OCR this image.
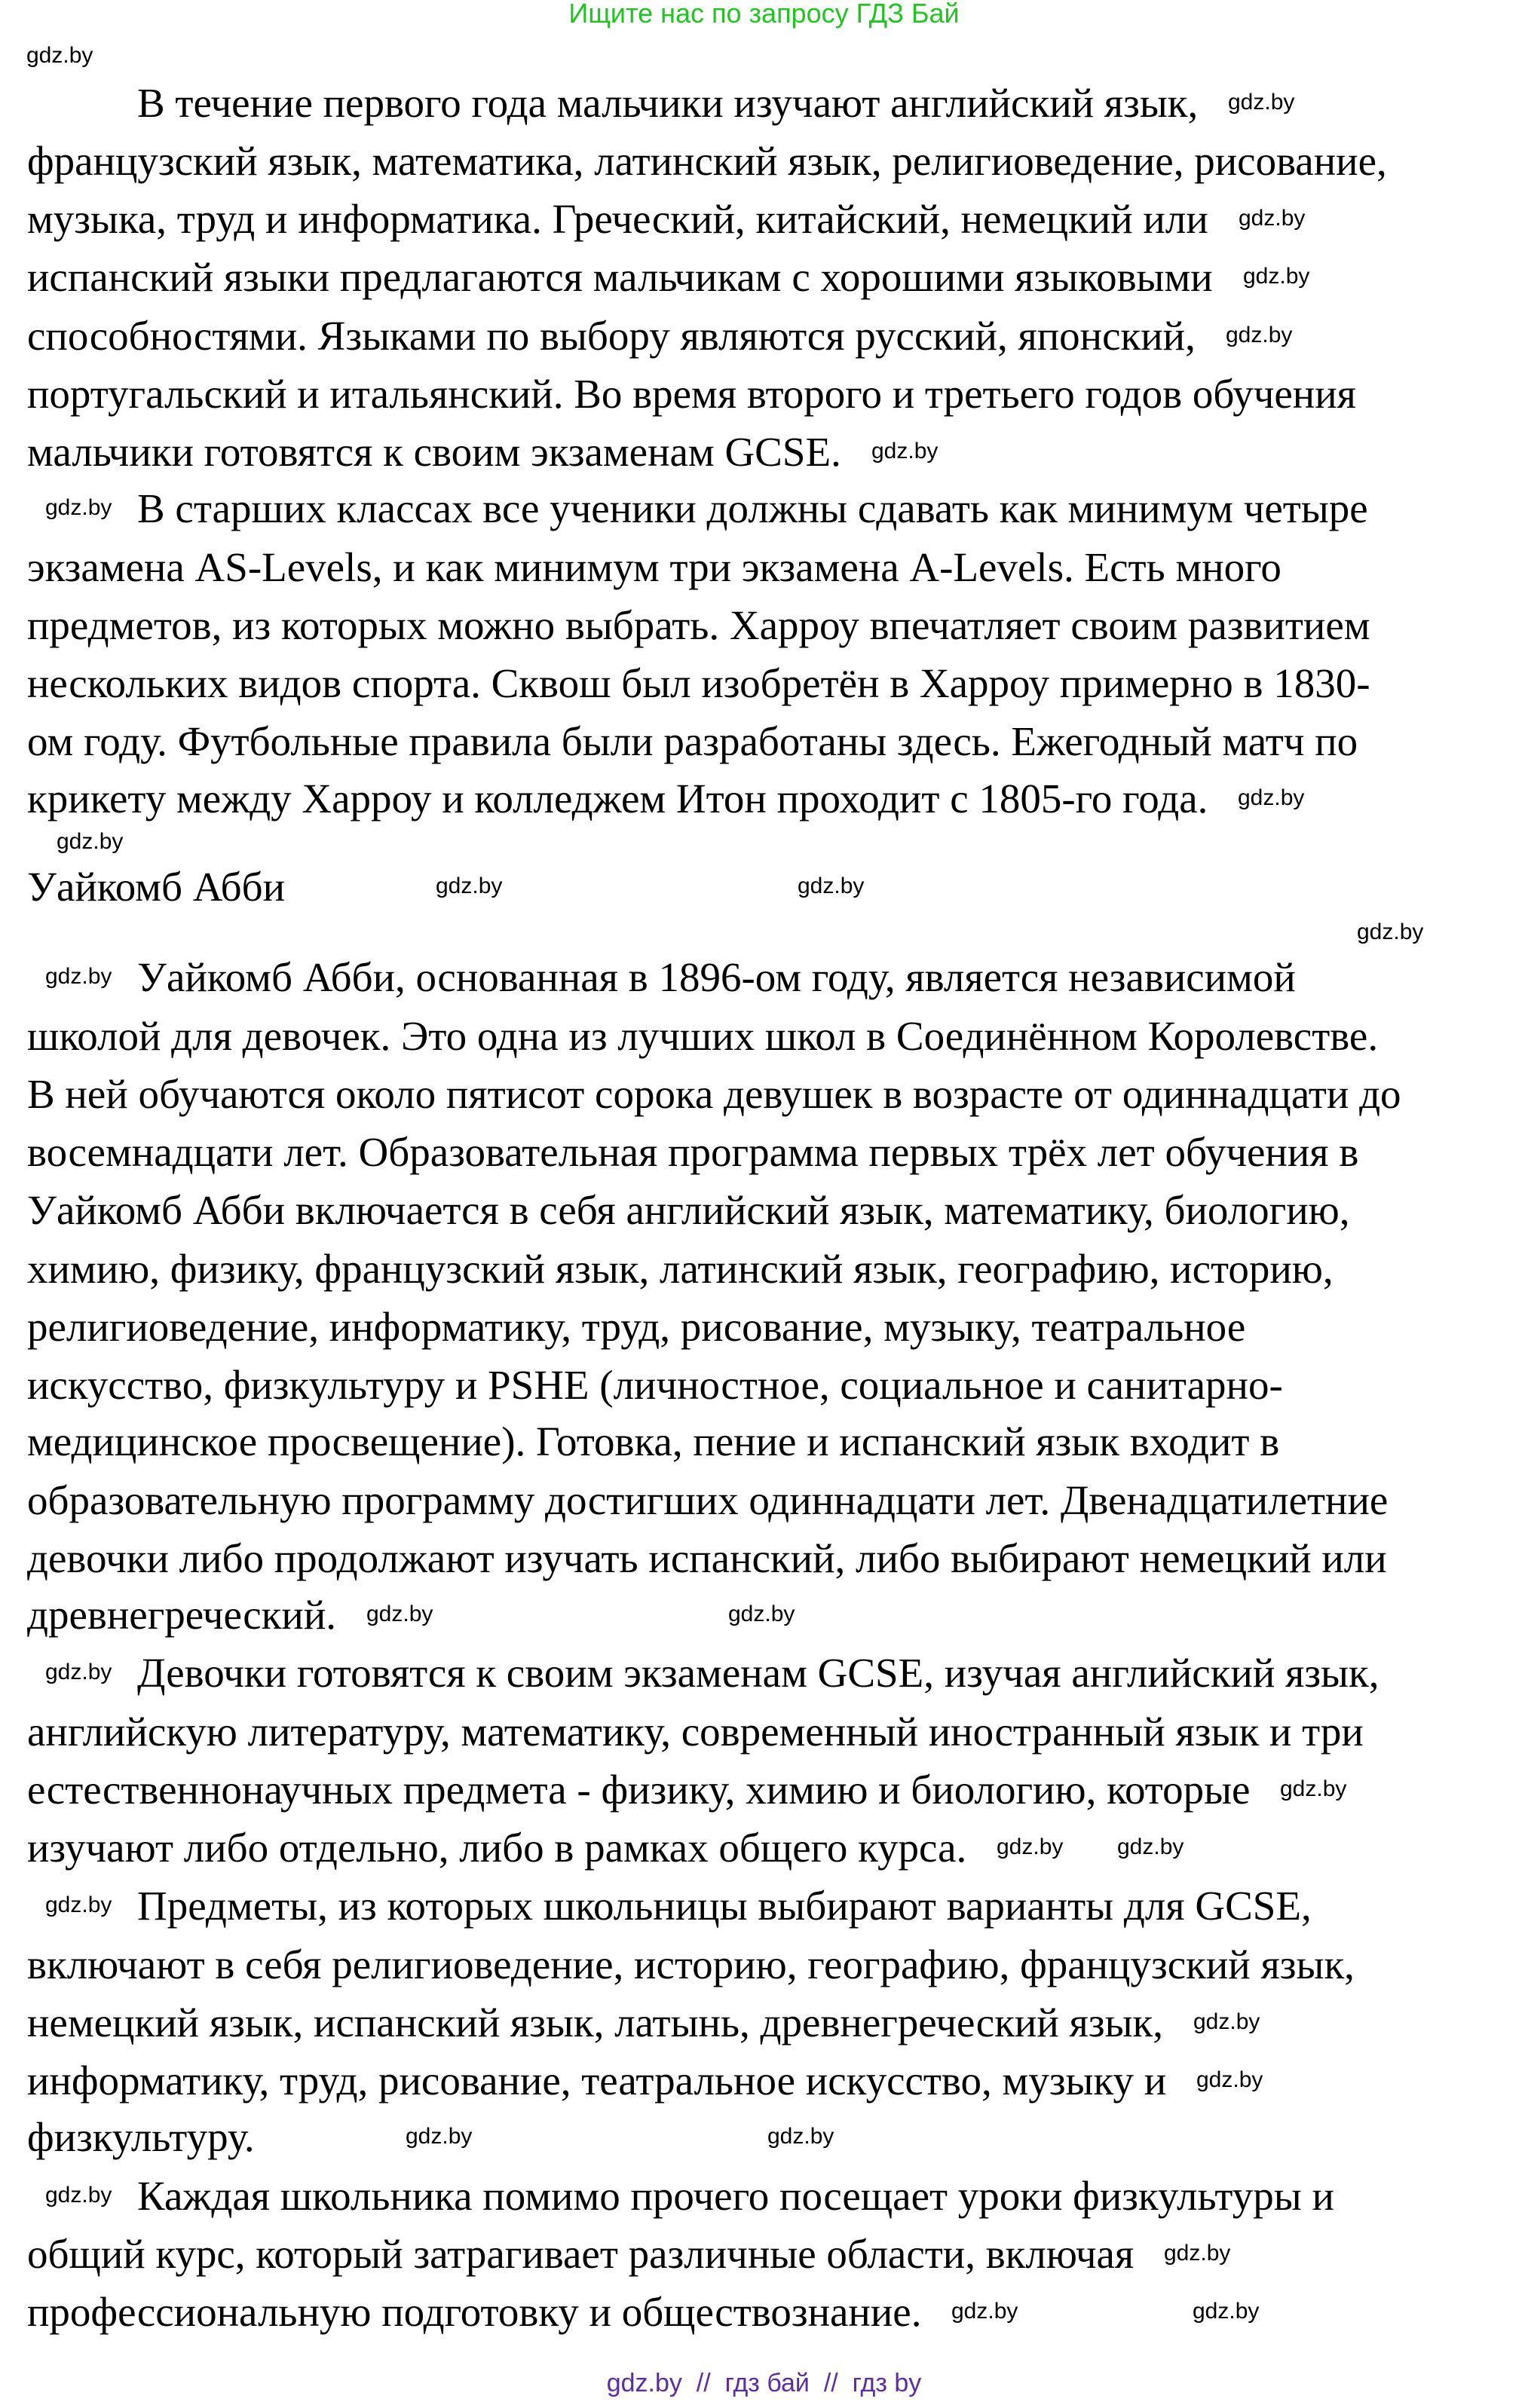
Ищите нас по запросу ГДЗ Бай
В течение первого года мальчики изучают английский язык,
французский язык, математика, латинский язык, религиоведение, рисование,
музыка, труд и информатика. Греческий, китайский, немецкий или
испанский языки предлагаются мальчикам с хорошими языковыми
способностями. Языками по выбору являются русский, японский,
португальский и итальянский. Во время второго и третьего годов обучения
мальчики готовятся к своим экзаменам GCSE.
В старших классах все ученики должны сдавать как минимум четыре
экзамена AS-Levels, и как минимум три экзамена A-Levels. Есть много
предметов, из которых можно выбрать. Харроу впечатляет своим развитием
нескольких видов спорта. Сквош был изобретён в Харроу примерно в 1830-
ом году. Футбольные правила были разработаны здесь. Ежегодный матч по
крикету между Харроу и колледжем Итон проходит с 1805-го года.
Уайкомб Абби
Уайкомб Абби, основанная в 1896-ом году, является независимой
школой для девочек. Это одна из лучших школ в Соединённом Королевстве.
В ней обучаются около пятисот сорока девушек в возрасте от одиннадцати до
восемнадцати лет. Образовательная программа первых трёх лет обучения в
Уайкомб Абби включается в себя английский язык, математику, биологию,
химию, физику, французский язык, латинский язык, географию, историю,
религиоведение, информатику, труд, рисование, музыку, театральное
искусство, физкультуру и PSHE (личностное, социальное и санитарно-
медицинское просвещение). Готовка, пение и испанский язык входит в
образовательную программу достигших одиннадцати лет. Двенадцатилетние
девочки либо продолжают изучать испанский, либо выбирают немецкий или
древнегреческий.
Девочки готовятся к своим экзаменам GCSE, изучая английский язык,
английскую литературу, математику, современный иностранный язык и три
естественнонаучных предмета - физику, химию и биологию, которые
изучают либо отдельно, либо в рамках общего курса.
Предметы, из которых школьницы выбирают варианты для GCSE,
включают в себя религиоведение, историю, географию, французский язык,
немецкий язык, испанский язык, латынь, древнегреческий язык,
информатику, труд, рисование, театральное искусство, музыку и
физкультуру.
Каждая школьника помимо прочего посещает уроки физкультуры и
общий курс, который затрагивает различные области, включая
профессиональную подготовку и обществознание.
gdz.by
gdz.by
gdz.by
gdz.by
gdz.by
gdz.by
gdz.by
gdz.by
gdz.by
gdz.by	gdz.by
gdz.by	gdz.by
gdz.by
gdz.by gdz.by
gdz.by
gdz.by
gdz.by	gdz.by
gdz.by
gdz.by	gdz.by
gdz.by
gdz.by
gdz.by
gdz.by
gdz.by
gdz.by  //  гдз бай  //  гдз by
